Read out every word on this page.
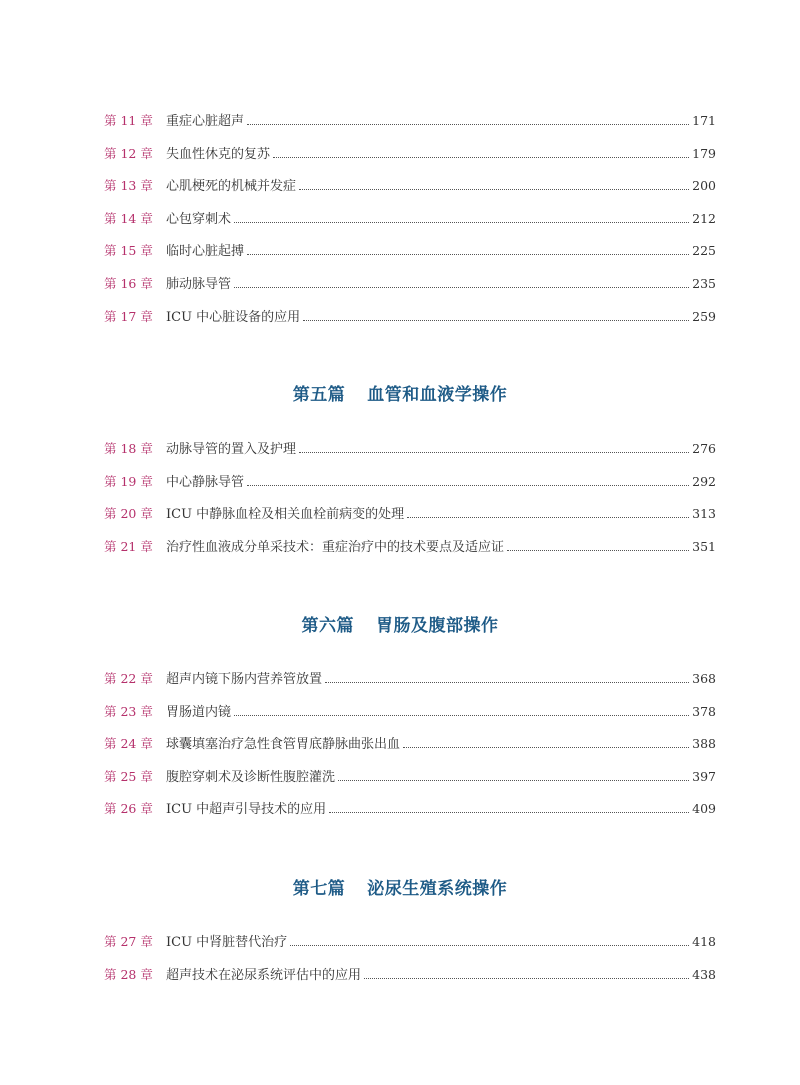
第 11 章	重症心脏超声	171
第 12 章	失血性休克的复苏	179
第 13 章	心肌梗死的机械并发症	200
第 14 章	心包穿刺术	212
第 15 章	临时心脏起搏	225
第 16 章	肺动脉导管	235
第 17 章	ICU 中心脏设备的应用	259
第五篇 血管和血液学操作
第 18 章	动脉导管的置入及护理	276
第 19 章	中心静脉导管	292
第 20 章	ICU 中静脉血栓及相关血栓前病变的处理	313
第 21 章	治疗性血液成分单采技术：重症治疗中的技术要点及适应证	351
第六篇 胃肠及腹部操作
第 22 章	超声内镜下肠内营养管放置	368
第 23 章	胃肠道内镜	378
第 24 章	球囊填塞治疗急性食管胃底静脉曲张出血	388
第 25 章	腹腔穿刺术及诊断性腹腔灌洗	397
第 26 章	ICU 中超声引导技术的应用	409
第七篇 泌尿生殖系统操作
第 27 章	ICU 中肾脏替代治疗	418
第 28 章	超声技术在泌尿系统评估中的应用	438
